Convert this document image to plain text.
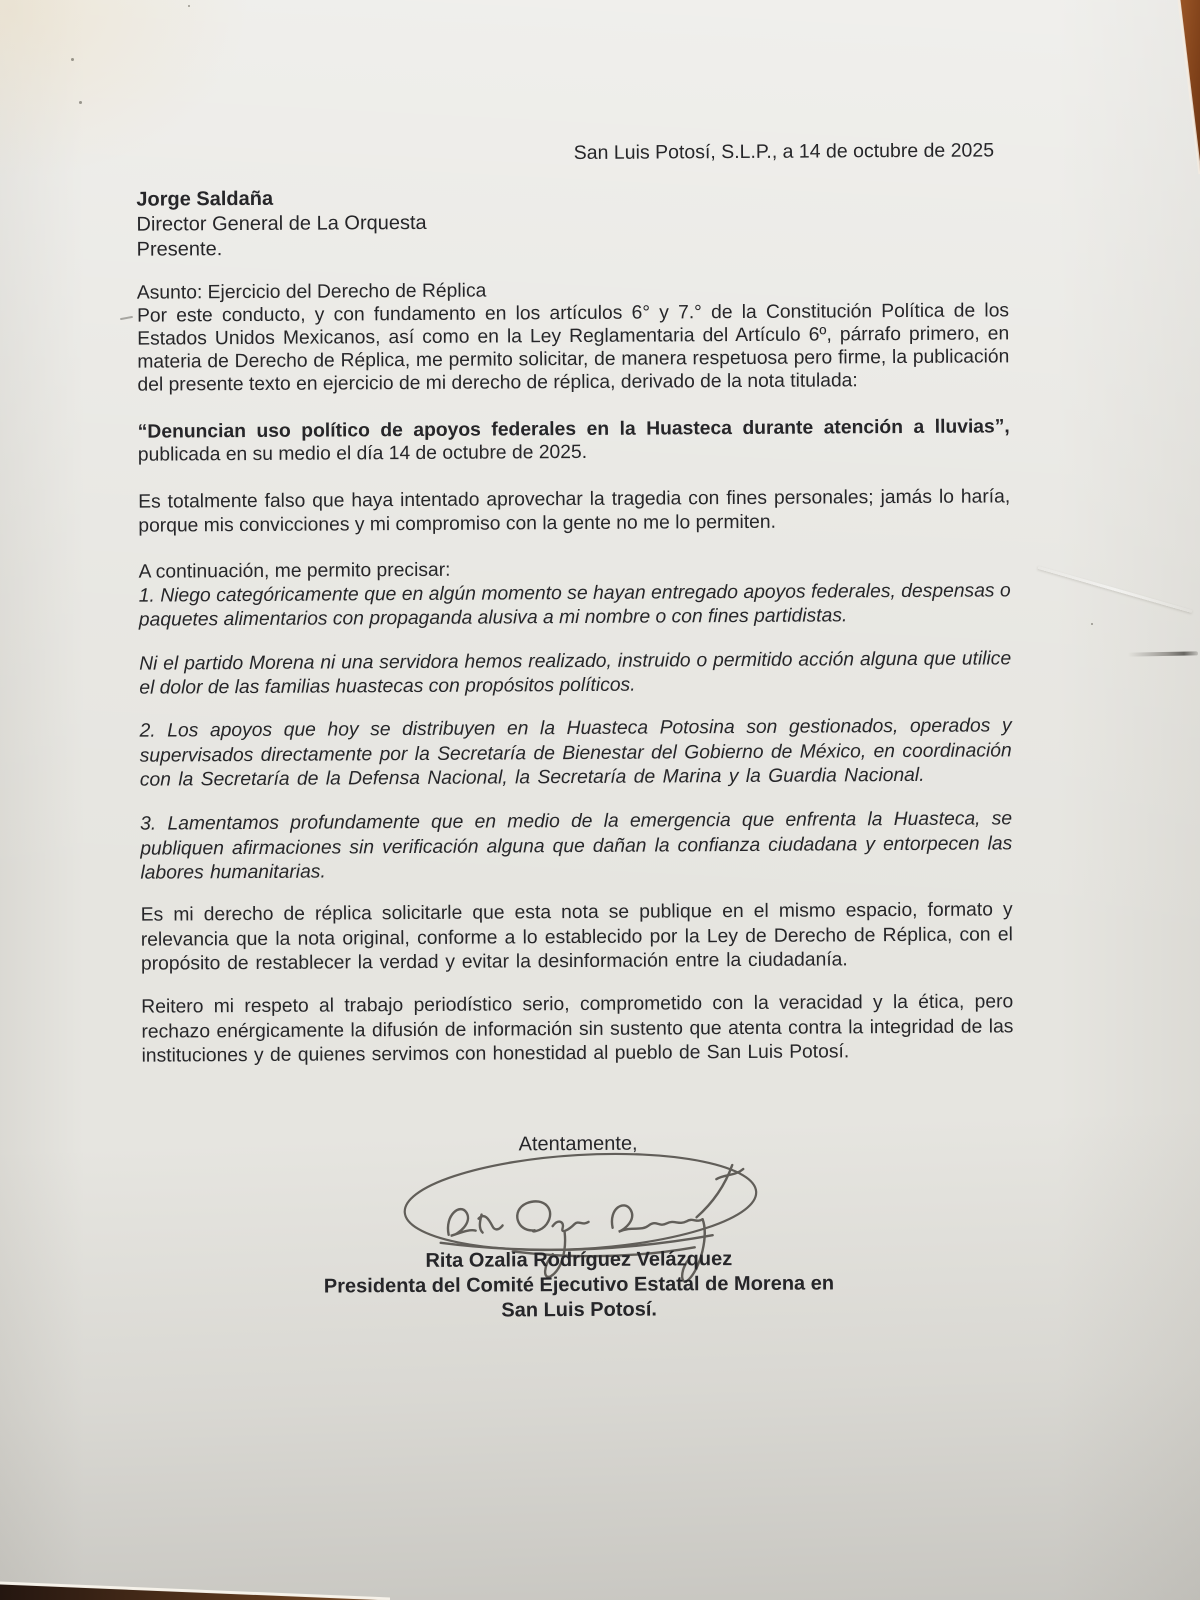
San Luis Potosí, S.L.P., a 14 de octubre de 2025
Jorge Saldaña
Director General de La Orquesta
Presente.
Asunto: Ejercicio del Derecho de Réplica

Por este conducto, y con fundamento en los artículos 6° y 7.° de la Constitución Política de los Estados Unidos Mexicanos, así como en la Ley Reglamentaria del Artículo 6º, párrafo primero, en materia de Derecho de Réplica, me permito solicitar, de manera respetuosa pero firme, la publicación del presente texto en ejercicio de mi derecho de réplica, derivado de la nota titulada:

“Denuncian uso político de apoyos federales en la Huasteca durante atención a lluvias”,

publicada en su medio el día 14 de octubre de 2025.

Es totalmente falso que haya intentado aprovechar la tragedia con fines personales; jamás lo haría, porque mis convicciones y mi compromiso con la gente no me lo permiten.

A continuación, me permito precisar:

1. Niego categóricamente que en algún momento se hayan entregado apoyos federales, despensas o paquetes alimentarios con propaganda alusiva a mi nombre o con fines partidistas.

Ni el partido Morena ni una servidora hemos realizado, instruido o permitido acción alguna que utilice el dolor de las familias huastecas con propósitos políticos.

2. Los apoyos que hoy se distribuyen en la Huasteca Potosina son gestionados, operados y supervisados directamente por la Secretaría de Bienestar del Gobierno de México, en coordinación con la Secretaría de la Defensa Nacional, la Secretaría de Marina y la Guardia Nacional.

3. Lamentamos profundamente que en medio de la emergencia que enfrenta la Huasteca, se publiquen afirmaciones sin verificación alguna que dañan la confianza ciudadana y entorpecen las labores humanitarias.

Es mi derecho de réplica solicitarle que esta nota se publique en el mismo espacio, formato y relevancia que la nota original, conforme a lo establecido por la Ley de Derecho de Réplica, con el propósito de restablecer la verdad y evitar la desinformación entre la ciudadanía.

Reitero mi respeto al trabajo periodístico serio, comprometido con la veracidad y la ética, pero rechazo enérgicamente la difusión de información sin sustento que atenta contra la integridad de las instituciones y de quienes servimos con honestidad al pueblo de San Luis Potosí.

Atentamente,
Rita Ozalia Rodríguez Velázquez
Presidenta del Comité Ejecutivo Estatal de Morena en
San Luis Potosí.
